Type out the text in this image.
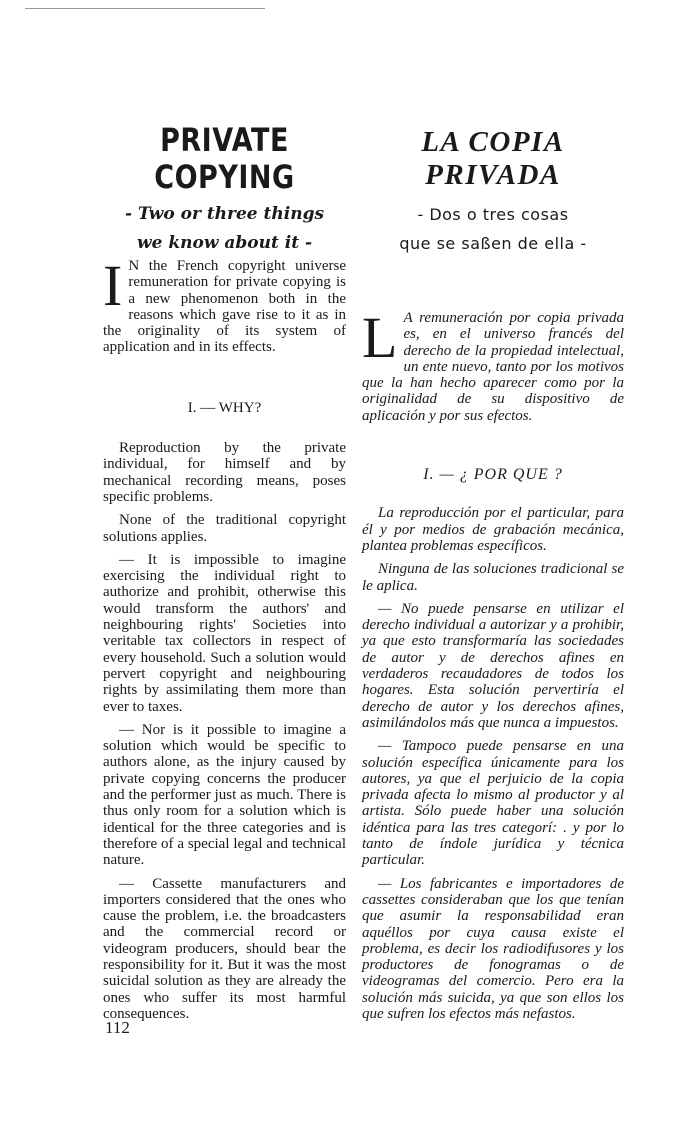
PRIVATE COPYING
- Two or three things
we know about it -

I N the French copyright universe remuneration for private copying is a new phenomenon both in the reasons which gave rise to it as in the originality of its system of application and in its effects.

I. — WHY?

Reproduction by the private individual, for himself and by mechanical recording means, poses specific problems.

None of the traditional copyright solutions applies.

— It is impossible to imagine exercising the individual right to authorize and prohibit, otherwise this would transform the authors' and neighbouring rights' Societies into veritable tax collectors in respect of every household. Such a solution would pervert copyright and neighbouring rights by assimilating them more than ever to taxes.

— Nor is it possible to imagine a solution which would be specific to authors alone, as the injury caused by private copying concerns the producer and the performer just as much. There is thus only room for a solution which is identical for the three categories and is therefore of a special legal and technical nature.

— Cassette manufacturers and importers considered that the ones who cause the problem, i.e. the broadcasters and the commercial record or videogram producers, should bear the responsibility for it. But it was the most suicidal solution as they are already the ones who suffer its most harmful consequences.

LA COPIA PRIVADA
- Dos o tres cosas
que se saßen de ella -

L A remuneración por copia privada es, en el universo francés del derecho de la propiedad intelectual, un ente nuevo, tanto por los motivos que la han hecho aparecer como por la originalidad de su dispositivo de aplicación y por sus efectos.

I. — ¿ POR QUE ?

La reproducción por el particular, para él y por medios de grabación mecánica, plantea problemas específicos.

Ninguna de las soluciones tradicional se le aplica.

— No puede pensarse en utilizar el derecho individual a autorizar y a prohibir, ya que esto transformaría las sociedades de autor y de derechos afines en verdaderos recaudadores de todos los hogares. Esta solución pervertiría el derecho de autor y los derechos afines, asimilándolos más que nunca a impuestos.

— Tampoco puede pensarse en una solución específica únicamente para los autores, ya que el perjuicio de la copia privada afecta lo mismo al productor y al artista. Sólo puede haber una solución idéntica para las tres categorí: . y por lo tanto de índole jurídica y técnica particular.

— Los fabricantes e importadores de cassettes consideraban que los que tenían que asumir la responsabilidad eran aquéllos por cuya causa existe el problema, es decir los radiodifusores y los productores de fonogramas o de videogramas del comercio. Pero era la solución más suicida, ya que son ellos los que sufren los efectos más nefastos.

112
